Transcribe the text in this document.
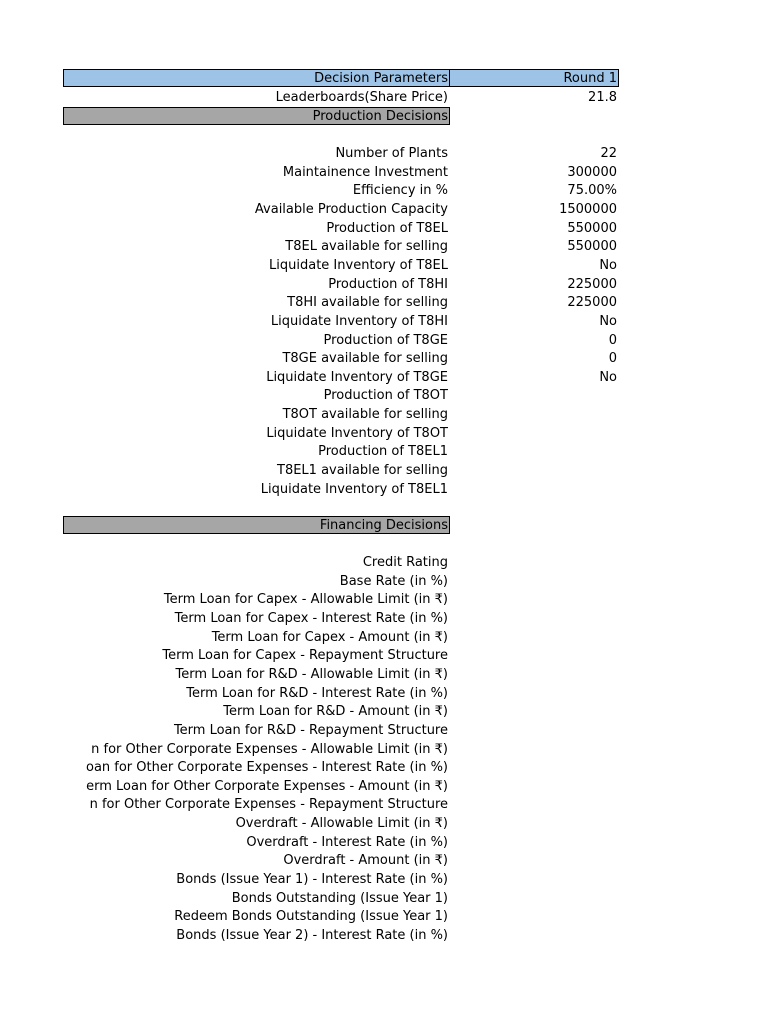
Decision Parameters	Round 1
Leaderboards(Share Price)	21.8
Production Decisions
Number of Plants	22
Maintainence Investment	300000
Efficiency in %	75.00%
Available Production Capacity	1500000
Production of T8EL	550000
T8EL available for selling	550000
Liquidate Inventory of T8EL	No
Production of T8HI	225000
T8HI available for selling	225000
Liquidate Inventory of T8HI	No
Production of T8GE	0
T8GE available for selling	0
Liquidate Inventory of T8GE	No
Production of T8OT
T8OT available for selling
Liquidate Inventory of T8OT
Production of T8EL1
T8EL1 available for selling
Liquidate Inventory of T8EL1
Financing Decisions
Credit Rating
Base Rate (in %)
Term Loan for Capex - Allowable Limit (in ₹)
Term Loan for Capex - Interest Rate (in %)
Term Loan for Capex - Amount (in ₹)
Term Loan for Capex - Repayment Structure
Term Loan for R&D - Allowable Limit (in ₹)
Term Loan for R&D - Interest Rate (in %)
Term Loan for R&D - Amount (in ₹)
Term Loan for R&D - Repayment Structure
n for Other Corporate Expenses - Allowable Limit (in ₹)
oan for Other Corporate Expenses - Interest Rate (in %)
erm Loan for Other Corporate Expenses - Amount (in ₹)
n for Other Corporate Expenses - Repayment Structure
Overdraft - Allowable Limit (in ₹)
Overdraft - Interest Rate (in %)
Overdraft - Amount (in ₹)
Bonds (Issue Year 1) - Interest Rate (in %)
Bonds Outstanding (Issue Year 1)
Redeem Bonds Outstanding (Issue Year 1)
Bonds (Issue Year 2) - Interest Rate (in %)
